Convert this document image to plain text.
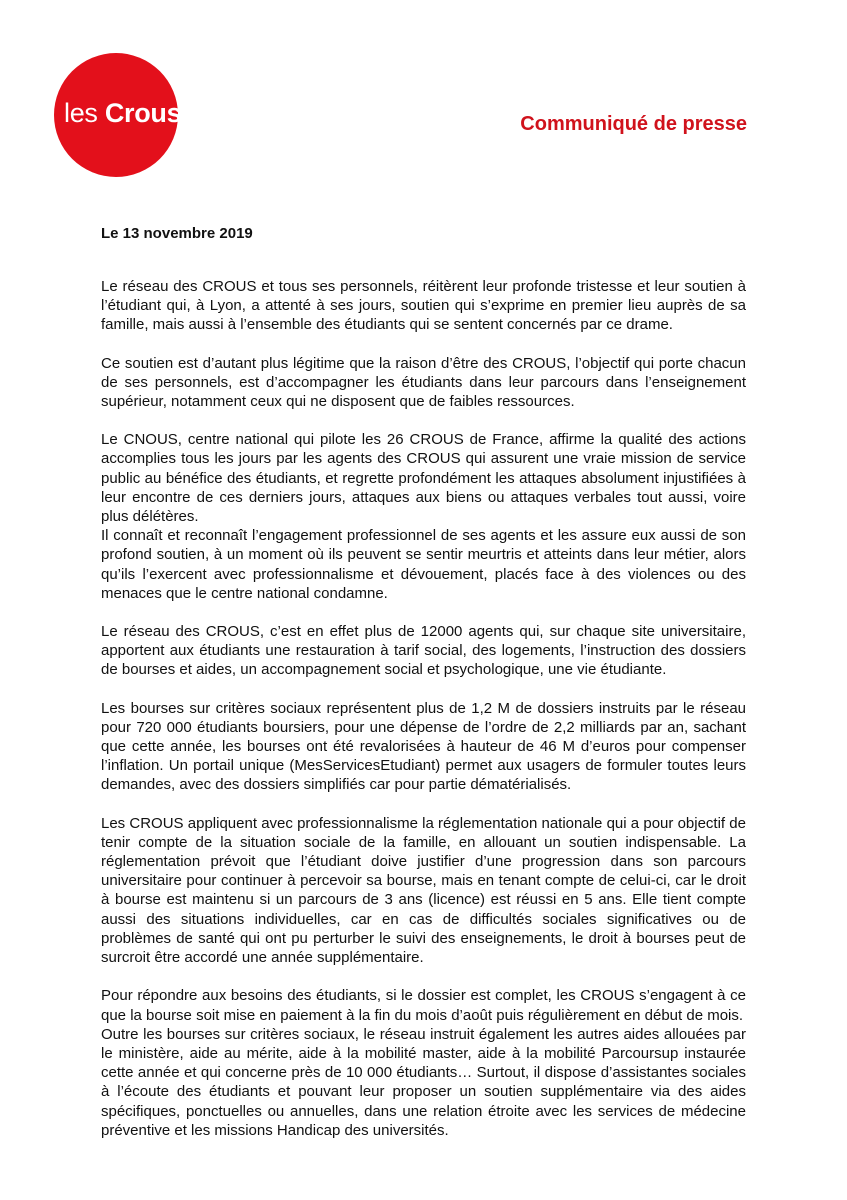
les Crous	Communiqué de presse
Le 13 novembre 2019

Le réseau des CROUS et tous ses personnels, réitèrent leur profonde tristesse et leur soutien à l’étudiant qui, à Lyon, a attenté à ses jours, soutien qui s’exprime en premier lieu auprès de sa famille, mais aussi à l’ensemble des étudiants qui se sentent concernés par ce drame.

Ce soutien est d’autant plus légitime que la raison d’être des CROUS, l’objectif qui porte chacun de ses personnels, est d’accompagner les étudiants dans leur parcours dans l’enseignement supérieur, notamment ceux qui ne disposent que de faibles ressources.

Le CNOUS, centre national qui pilote les 26 CROUS de France, affirme la qualité des actions accomplies tous les jours par les agents des CROUS qui assurent une vraie mission de service public au bénéfice des étudiants, et regrette profondément les attaques absolument injustifiées à leur encontre de ces derniers jours, attaques aux biens ou attaques verbales tout aussi, voire plus délétères.

Il connaît et reconnaît l’engagement professionnel de ses agents et les assure eux aussi de son profond soutien, à un moment où ils peuvent se sentir meurtris et atteints dans leur métier, alors qu’ils l’exercent avec professionnalisme et dévouement, placés face à des violences ou des menaces que le centre national condamne.

Le réseau des CROUS, c’est en effet plus de 12000 agents qui, sur chaque site universitaire, apportent aux étudiants une restauration à tarif social, des logements, l’instruction des dossiers de bourses et aides, un accompagnement social et psychologique, une vie étudiante.

Les bourses sur critères sociaux représentent plus de 1,2 M de dossiers instruits par le réseau pour 720 000 étudiants boursiers, pour une dépense de l’ordre de 2,2 milliards par an, sachant que cette année, les bourses ont été revalorisées à hauteur de 46 M d’euros pour compenser l’inflation. Un portail unique (MesServicesEtudiant) permet aux usagers de formuler toutes leurs demandes, avec des dossiers simplifiés car pour partie dématérialisés.

Les CROUS appliquent avec professionnalisme la réglementation nationale qui a pour objectif de tenir compte de la situation sociale de la famille, en allouant un soutien indispensable. La réglementation prévoit que l’étudiant doive justifier d’une progression dans son parcours universitaire pour continuer à percevoir sa bourse, mais en tenant compte de celui-ci, car le droit à bourse est maintenu si un parcours de 3 ans (licence) est réussi en 5 ans. Elle tient compte aussi des situations individuelles, car en cas de difficultés sociales significatives ou de problèmes de santé qui ont pu perturber le suivi des enseignements, le droit à bourses peut de surcroit être accordé une année supplémentaire.

Pour répondre aux besoins des étudiants, si le dossier est complet, les CROUS s’engagent à ce que la bourse soit mise en paiement à la fin du mois d’août puis régulièrement en début de mois.

Outre les bourses sur critères sociaux, le réseau instruit également les autres aides allouées par le ministère, aide au mérite, aide à la mobilité master, aide à la mobilité Parcoursup instaurée cette année et qui concerne près de 10 000 étudiants… Surtout, il dispose d’assistantes sociales à l’écoute des étudiants et pouvant leur proposer un soutien supplémentaire via des aides spécifiques, ponctuelles ou annuelles, dans une relation étroite avec les services de médecine préventive et les missions Handicap des universités.
